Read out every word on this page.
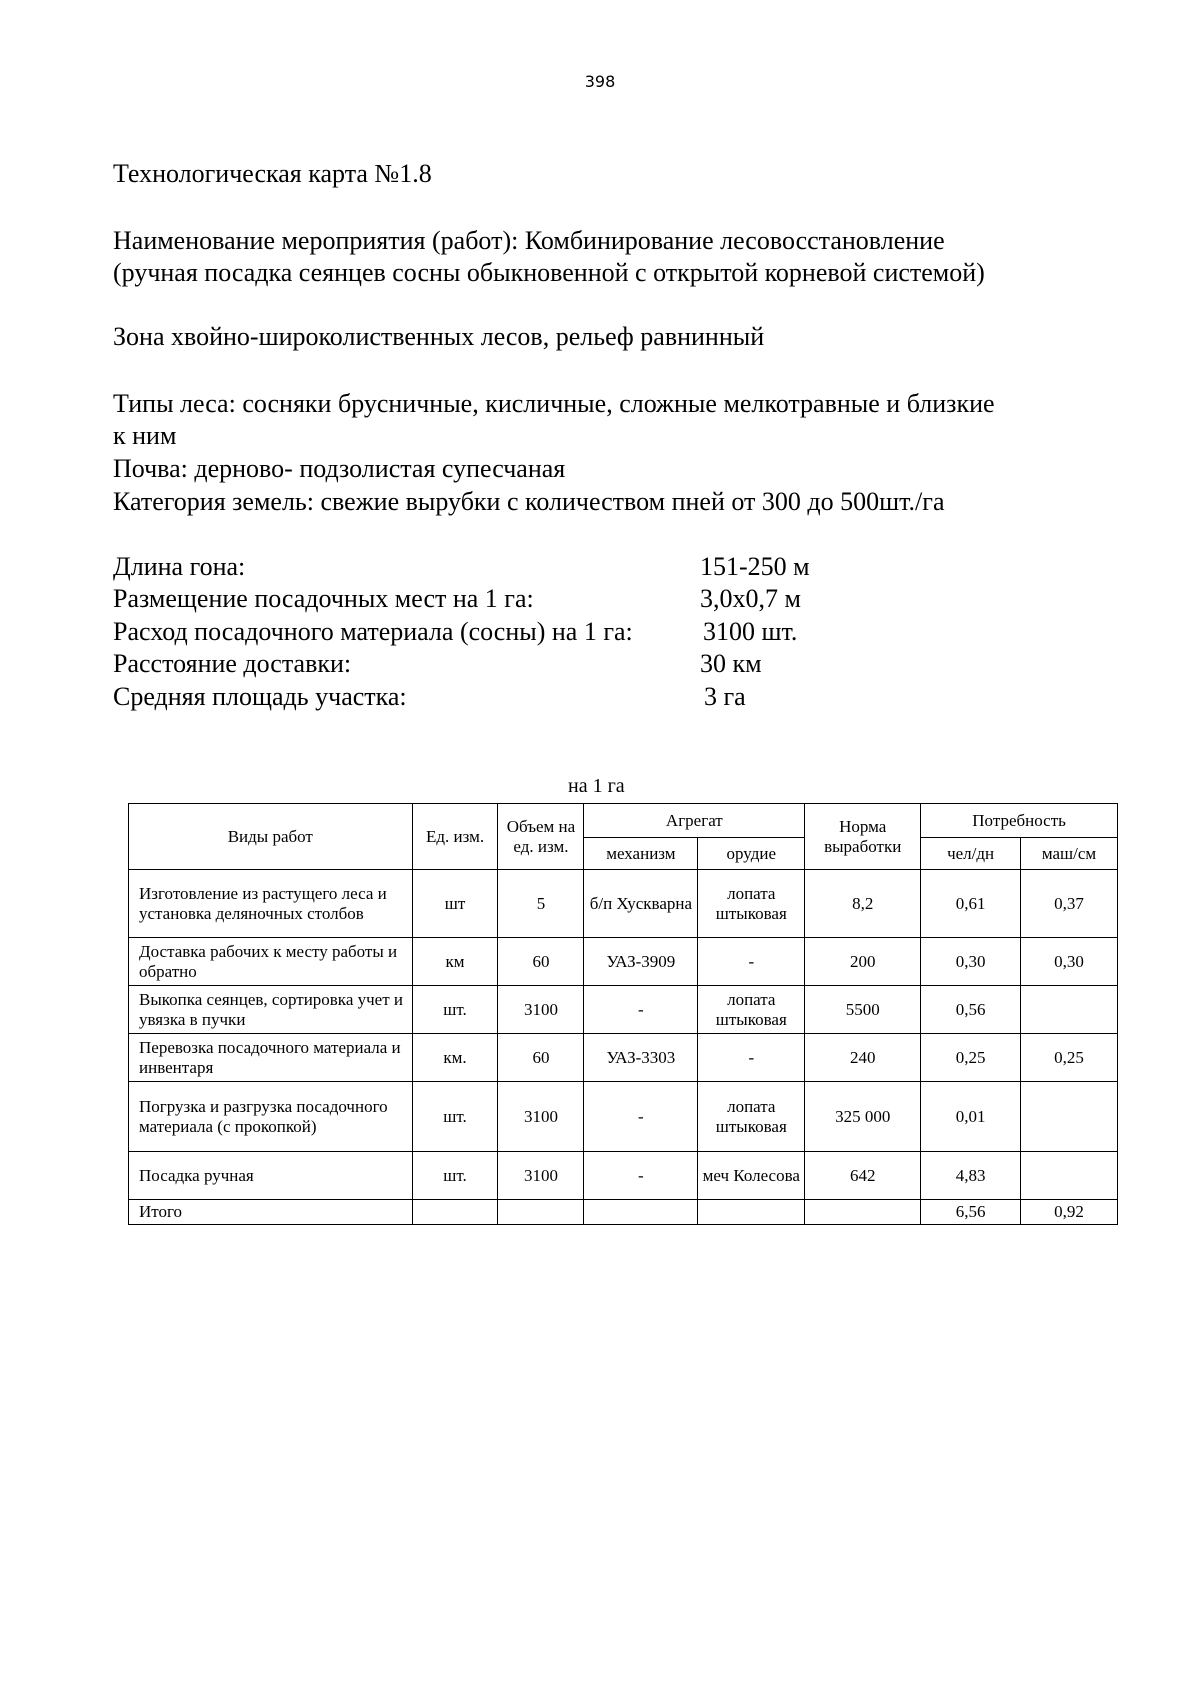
398
Технологическая карта №1.8
Наименование мероприятия (работ): Комбинирование лесовосстановление
(ручная посадка сеянцев сосны обыкновенной с открытой корневой системой)
Зона хвойно-широколиственных лесов, рельеф равнинный
Типы леса: сосняки брусничные, кисличные, сложные мелкотравные и близкие
к ним
Почва: дерново- подзолистая супесчаная
Категория земель: свежие вырубки с количеством пней от 300 до 500шт./га
Длина гона:	151-250 м
Размещение посадочных мест на 1 га:	3,0х0,7 м
Расход посадочного материала (сосны) на 1 га:	3100 шт.
Расстояние доставки:	30 км
Средняя площадь участка:	3 га
на 1 га
Виды работ	Ед. изм.	Объем на ед. изм.	Агрегат		Норма выработки	Потребность	
			механизм	орудие		чел/дн	маш/см
Изготовление из растущего леса и установка деляночных столбов	шт	5	б/п Хускварна	лопата штыковая	8,2	0,61	0,37
Доставка рабочих к месту работы и обратно	км	60	УАЗ-3909	-	200	0,30	0,30
Выкопка сеянцев, сортировка учет и увязка в пучки	шт.	3100	-	лопата штыковая	5500	0,56	
Перевозка посадочного материала и инвентаря	км.	60	УАЗ-3303	-	240	0,25	0,25
Погрузка и разгрузка посадочного материала (с прокопкой)	шт.	3100	-	лопата штыковая	325 000	0,01	
Посадка ручная	шт.	3100	-	меч Колесова	642	4,83	
Итого						6,56	0,92
